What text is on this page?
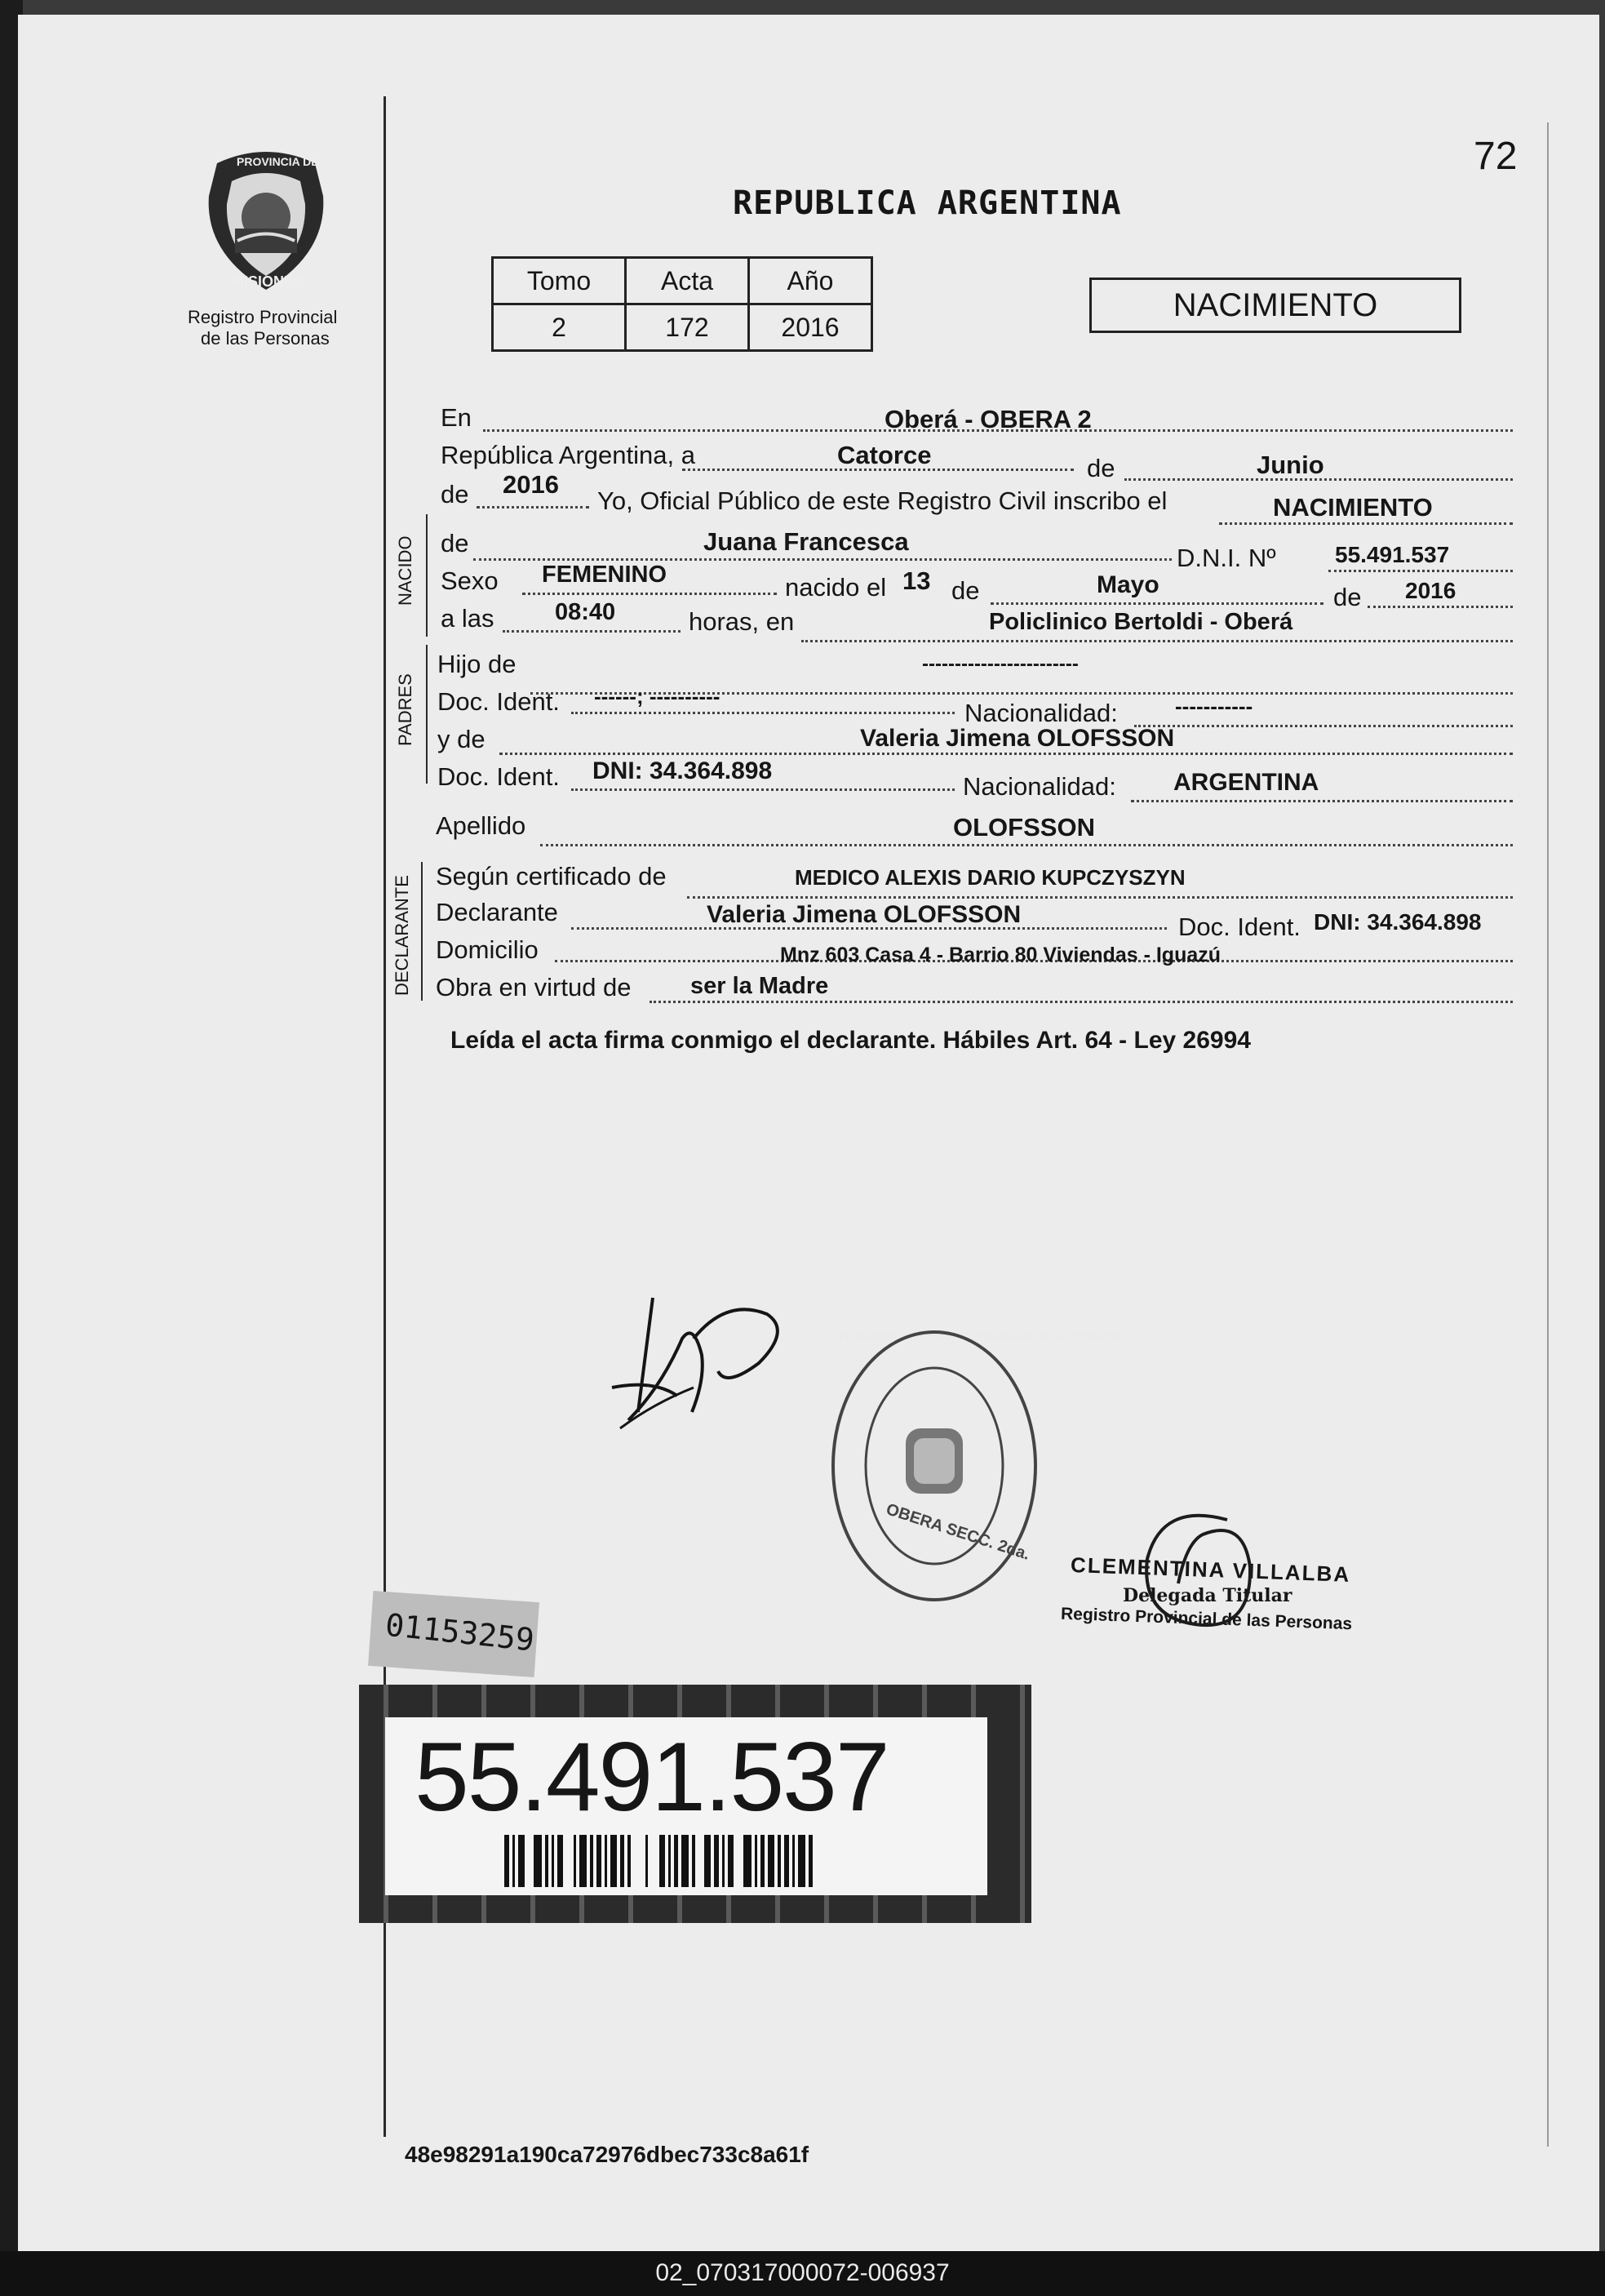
72
PROVINCIA DE
MISIONES
Registro Provincial
de las Personas
REPUBLICA ARGENTINA
Tomo	Acta	Año
2	172	2016
NACIMIENTO
En	Oberá - OBERA 2
República Argentina, a	Catorce	de	Junio
de 2016
Yo, Oficial Público de este Registro Civil inscribo el	NACIMIENTO
NACIDO de	Juana Francesca
D.N.I. Nº	55.491.537
Sexo FEMENINO	nacido el 13 de	Mayo	de 2016
a las	08:40	horas, en	Policlinico Bertoldi - Oberá
PADRES
Hijo de	------------------------
Doc. Ident. ------; ----------
Nacionalidad:	-----------
y de	Valeria Jimena OLOFSSON
Doc. Ident. DNI: 34.364.898
Nacionalidad: ARGENTINA
Apellido	OLOFSSON
DECLARANTE Según certificado de	MEDICO ALEXIS DARIO KUPCZYSZYN
Declarante	Valeria Jimena OLOFSSON	Doc. Ident. DNI: 34.364.898
Domicilio	Mnz 603 Casa 4 - Barrio 80 Viviendas - Iguazú
Obra en virtud de ser la Madre
Leída el acta firma conmigo el declarante. Hábiles Art. 64 - Ley 26994
OBERA SECC. 2da.
CLEMENTINA VILLALBA
Delegada Titular
Registro Provincial de las Personas
01153259
55.491.537
48e98291a190ca72976dbec733c8a61f
02_070317000072-006937
